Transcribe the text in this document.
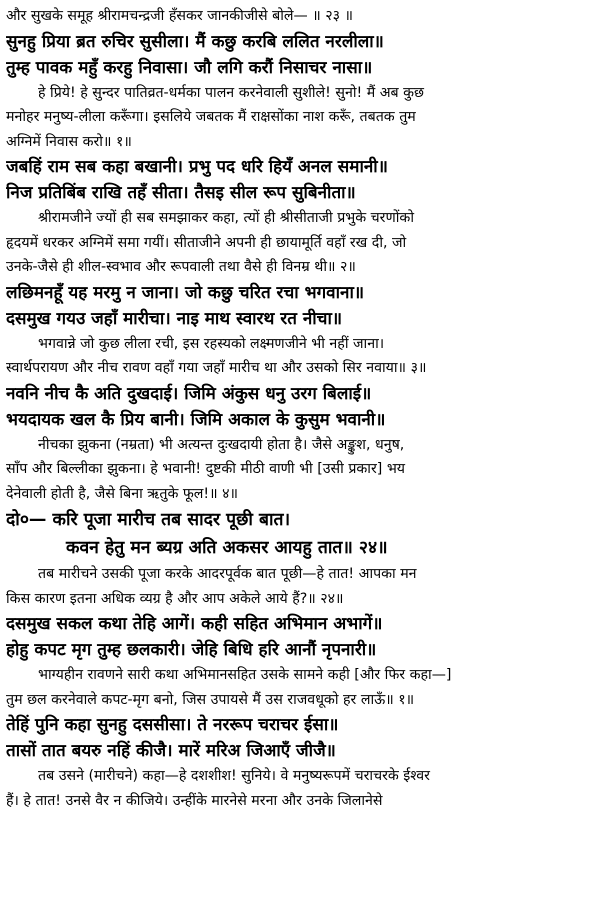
और सुखके समूह श्रीरामचन्द्रजी हँसकर जानकीजीसे बोले— ॥ २३ ॥
सुनहु प्रिया ब्रत रुचिर सुसीला। मैं कछु करबि ललित नरलीला॥
तुम्ह पावक महुँ करहु निवासा। जौ लगि करौं निसाचर नासा॥
हे प्रिये! हे सुन्दर पातिव्रत-धर्मका पालन करनेवाली सुशीले! सुनो! मैं अब कुछ
मनोहर मनुष्य-लीला करूँगा। इसलिये जबतक मैं राक्षसोंका नाश करूँ, तबतक तुम
अग्निमें निवास करो॥ १॥
जबहिं राम सब कहा बखानी। प्रभु पद धरि हियँ अनल समानी॥
निज प्रतिबिंब राखि तहँ सीता। तैसइ सील रूप सुबिनीता॥
श्रीरामजीने ज्यों ही सब समझाकर कहा, त्यों ही श्रीसीताजी प्रभुके चरणोंको
हृदयमें धरकर अग्निमें समा गयीं। सीताजीने अपनी ही छायामूर्ति वहाँ रख दी, जो
उनके-जैसे ही शील-स्वभाव और रूपवाली तथा वैसे ही विनम्र थी॥ २॥
लछिमनहूँ यह मरमु न जाना। जो कछु चरित रचा भगवाना॥
दसमुख गयउ जहाँ मारीचा। नाइ माथ स्वारथ रत नीचा॥
भगवान्ने जो कुछ लीला रची, इस रहस्यको लक्ष्मणजीने भी नहीं जाना।
स्वार्थपरायण और नीच रावण वहाँ गया जहाँ मारीच था और उसको सिर नवाया॥ ३॥
नवनि नीच कै अति दुखदाई। जिमि अंकुस धनु उरग बिलाई॥
भयदायक खल कै प्रिय बानी। जिमि अकाल के कुसुम भवानी॥
नीचका झुकना (नम्रता) भी अत्यन्त दुःखदायी होता है। जैसे अङ्कुश, धनुष,
साँप और बिल्लीका झुकना। हे भवानी! दुष्टकी मीठी वाणी भी [उसी प्रकार] भय
देनेवाली होती है, जैसे बिना ऋतुके फूल!॥ ४॥
दो०— करि पूजा मारीच तब सादर पूछी बात।
कवन हेतु मन ब्यग्र अति अकसर आयहु तात॥ २४॥
तब मारीचने उसकी पूजा करके आदरपूर्वक बात पूछी—हे तात! आपका मन
किस कारण इतना अधिक व्यग्र है और आप अकेले आये हैं?॥ २४॥
दसमुख सकल कथा तेहि आगें। कही सहित अभिमान अभागें॥
होहु कपट मृग तुम्ह छलकारी। जेहि बिधि हरि आनौं नृपनारी॥
भाग्यहीन रावणने सारी कथा अभिमानसहित उसके सामने कही [और फिर कहा—]
तुम छल करनेवाले कपट-मृग बनो, जिस उपायसे मैं उस राजवधूको हर लाऊँ॥ १॥
तेहिं पुनि कहा सुनहु दससीसा। ते नररूप चराचर ईसा॥
तासों तात बयरु नहिं कीजै। मारें मरिअ जिआएँ जीजै॥
तब उसने (मारीचने) कहा—हे दशशीश! सुनिये। वे मनुष्यरूपमें चराचरके ईश्वर
हैं। हे तात! उनसे वैर न कीजिये। उन्हींके मारनेसे मरना और उनके जिलानेसे
